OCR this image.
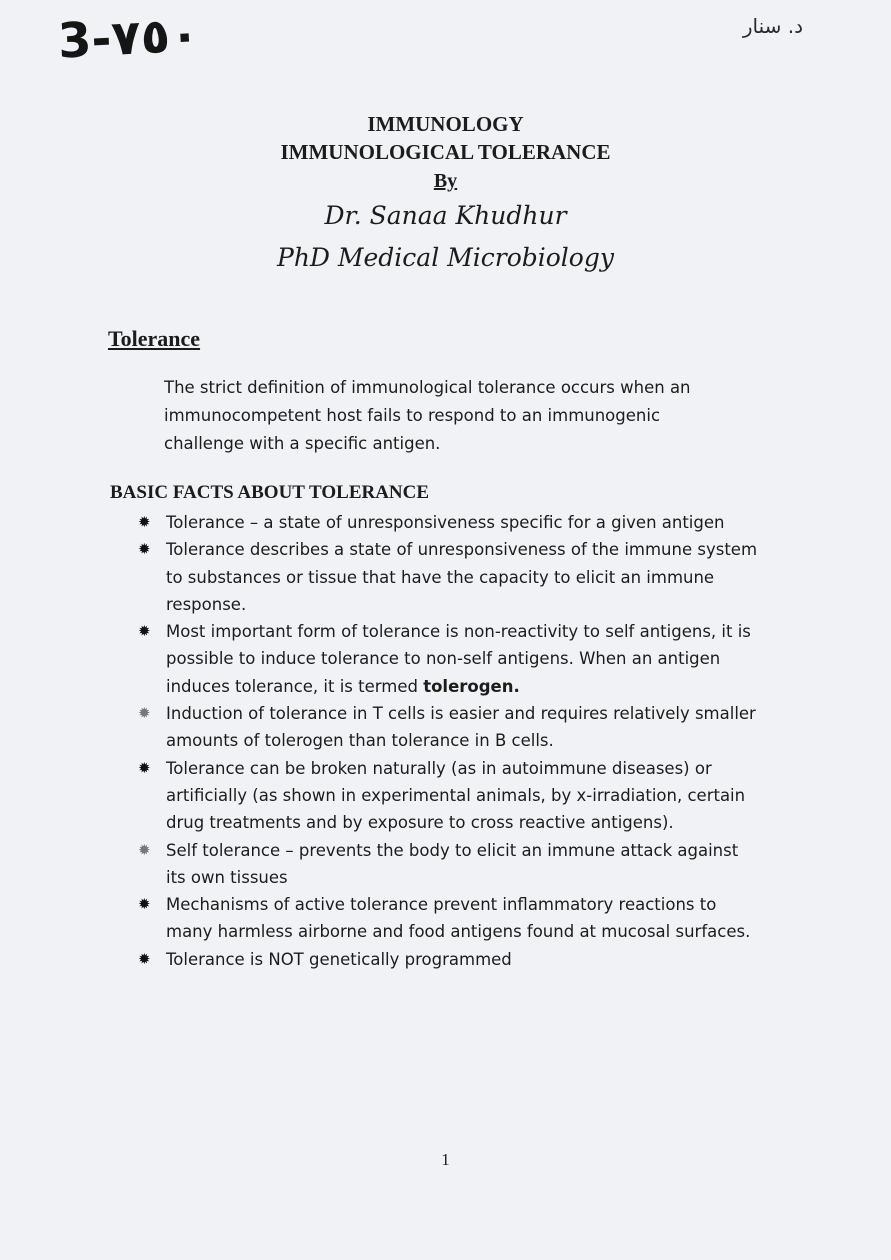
3-٧٥٠	د. سنار
IMMUNOLOGY
IMMUNOLOGICAL TOLERANCE
By
Dr. Sanaa Khudhur
PhD Medical Microbiology
Tolerance
The strict definition of immunological tolerance occurs when an immunocompetent host fails to respond to an immunogenic challenge with a specific antigen.
BASIC FACTS ABOUT TOLERANCE
✹ Tolerance – a state of unresponsiveness specific for a given antigen
✹ Tolerance describes a state of unresponsiveness of the immune system to substances or tissue that have the capacity to elicit an immune response.
✹ Most important form of tolerance is non-reactivity to self antigens, it is possible to induce tolerance to non-self antigens. When an antigen induces tolerance, it is termed tolerogen.
✹ Induction of tolerance in T cells is easier and requires relatively smaller amounts of tolerogen than tolerance in B cells.
✹ Tolerance can be broken naturally (as in autoimmune diseases) or artificially (as shown in experimental animals, by x-irradiation, certain drug treatments and by exposure to cross reactive antigens).
✹ Self tolerance – prevents the body to elicit an immune attack against its own tissues
✹ Mechanisms of active tolerance prevent inflammatory reactions to many harmless airborne and food antigens found at mucosal surfaces.
✹ Tolerance is NOT genetically programmed
1
